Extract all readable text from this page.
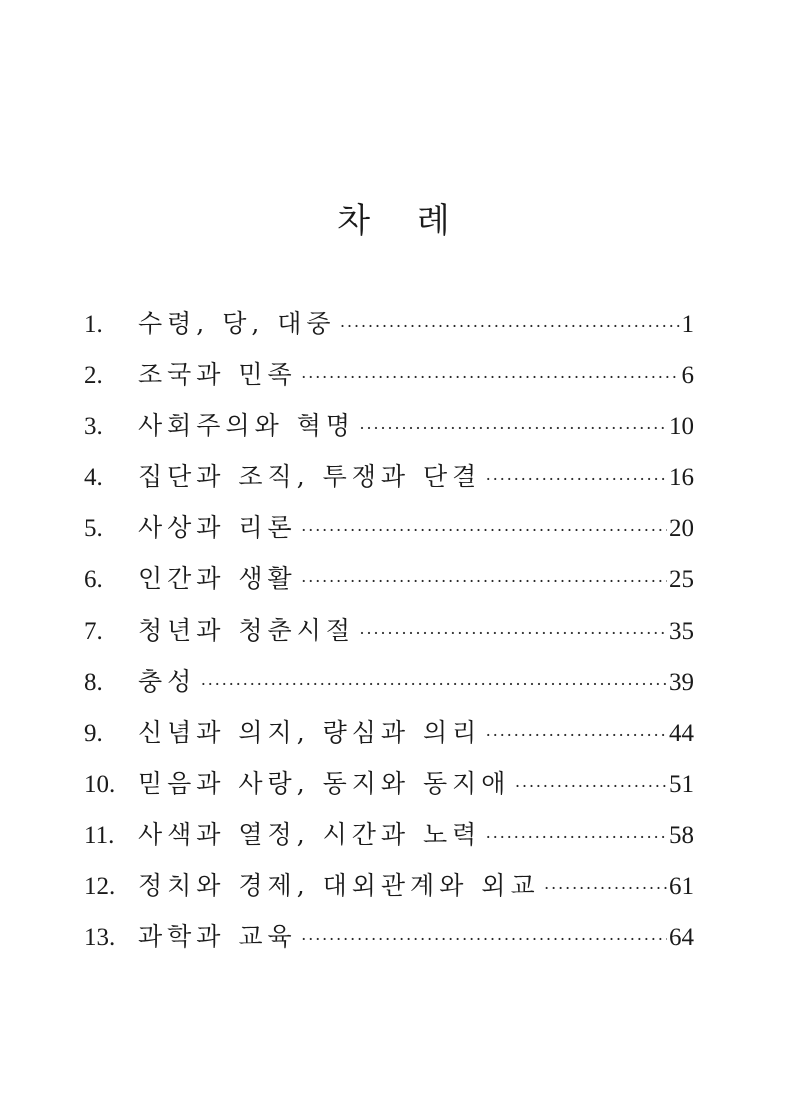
차 례
1.	수령, 당, 대중 ·····	1
2.	조국과 민족 ·····	6
3.	사회주의와 혁명 ·····	10
4.	집단과 조직, 투쟁과 단결 ·····	16
5.	사상과 리론 ·····	20
6.	인간과 생활 ·····	25
7.	청년과 청춘시절 ·····	35
8.	충성 ·····	39
9.	신념과 의지, 량심과 의리 ·····	44
10. 믿음과 사랑, 동지와 동지애 ·····	51
11. 사색과 열정, 시간과 노력 ·····	58
12. 정치와 경제, 대외관계와 외교 ·····	61
13. 과학과 교육 ·····	64
